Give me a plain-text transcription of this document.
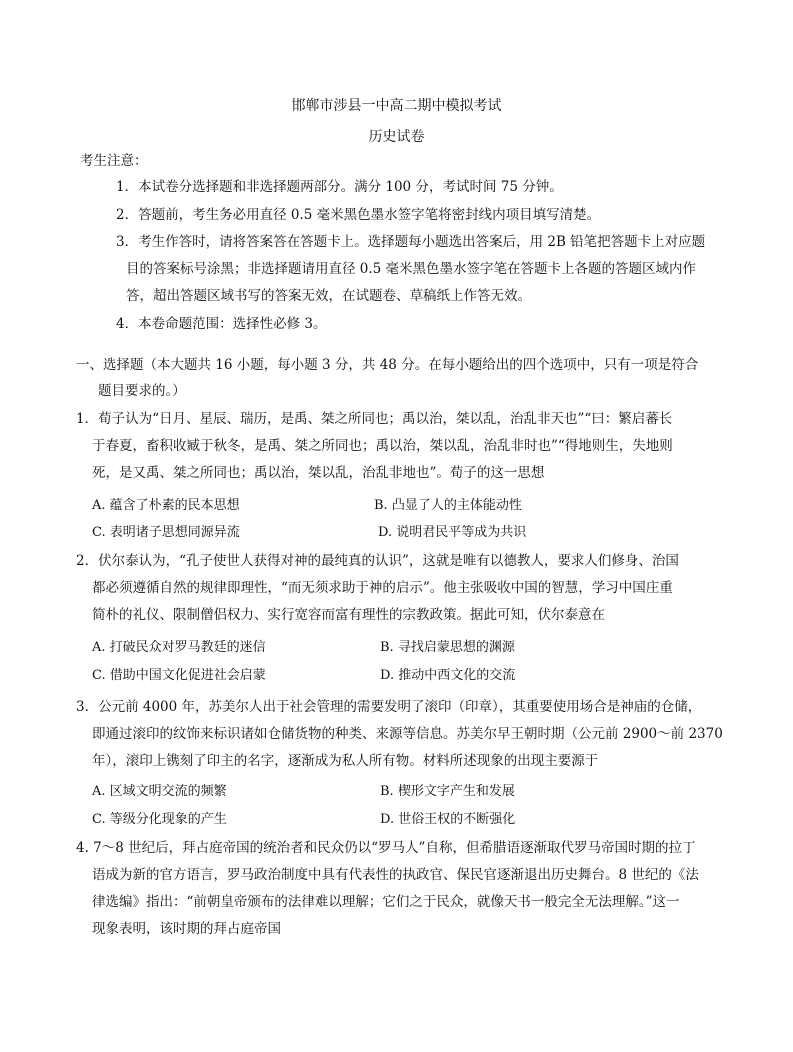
邯郸市涉县一中高二期中模拟考试
历史试卷
考生注意：
1．本试卷分选择题和非选择题两部分。满分 100 分，考试时间 75 分钟。
2．答题前，考生务必用直径 0.5 毫米黑色墨水签字笔将密封线内项目填写清楚。
3．考生作答时，请将答案答在答题卡上。选择题每小题选出答案后，用 2B 铅笔把答题卡上对应题
目的答案标号涂黑；非选择题请用直径 0.5 毫米黑色墨水签字笔在答题卡上各题的答题区域内作
答，超出答题区域书写的答案无效，在试题卷、草稿纸上作答无效。
4．本卷命题范围：选择性必修 3。
一、选择题（本大题共 16 小题，每小题 3 分，共 48 分。在每小题给出的四个选项中，只有一项是符合
题目要求的。）
1．荀子认为“日月、星辰、瑞历，是禹、桀之所同也；禹以治，桀以乱，治乱非天也”“曰：繁启蕃长
于春夏，畜积收臧于秋冬，是禹、桀之所同也；禹以治，桀以乱，治乱非时也”“得地则生，失地则
死，是又禹、桀之所同也；禹以治，桀以乱，治乱非地也”。荀子的这一思想
A. 蕴含了朴素的民本思想	B. 凸显了人的主体能动性
C. 表明诸子思想同源异流	D. 说明君民平等成为共识
2．伏尔泰认为，“孔子使世人获得对神的最纯真的认识”，这就是唯有以德教人，要求人们修身、治国
都必须遵循自然的规律即理性，“而无须求助于神的启示”。他主张吸收中国的智慧，学习中国庄重
简朴的礼仪、限制僧侣权力、实行宽容而富有理性的宗教政策。据此可知，伏尔泰意在
A. 打破民众对罗马教廷的迷信	B. 寻找启蒙思想的渊源
C. 借助中国文化促进社会启蒙	D. 推动中西文化的交流
3．公元前 4000 年，苏美尔人出于社会管理的需要发明了滚印（印章），其重要使用场合是神庙的仓储，
即通过滚印的纹饰来标识诸如仓储货物的种类、来源等信息。苏美尔早王朝时期（公元前 2900～前 2370
年），滚印上镌刻了印主的名字，逐渐成为私人所有物。材料所述现象的出现主要源于
A. 区域文明交流的频繁	B. 楔形文字产生和发展
C. 等级分化现象的产生	D. 世俗王权的不断强化
4. 7～8 世纪后，拜占庭帝国的统治者和民众仍以“罗马人”自称，但希腊语逐渐取代罗马帝国时期的拉丁
语成为新的官方语言，罗马政治制度中具有代表性的执政官、保民官逐渐退出历史舞台。8 世纪的《法
律选编》指出：“前朝皇帝颁布的法律难以理解；它们之于民众，就像天书一般完全无法理解。”这一
现象表明，该时期的拜占庭帝国
